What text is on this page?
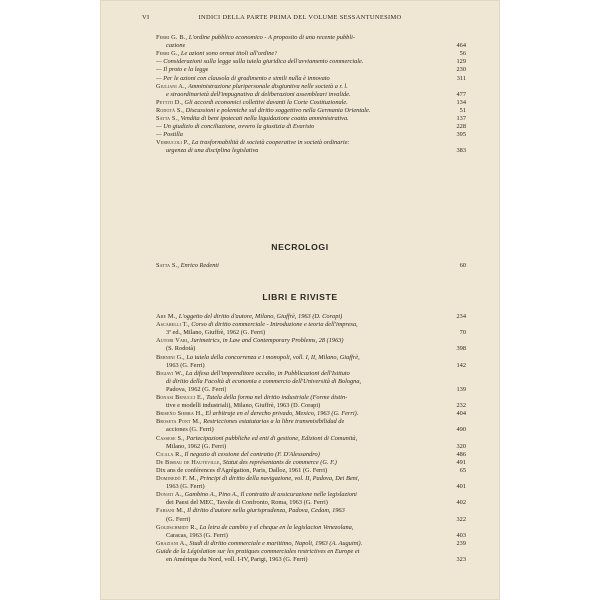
VI	INDICI DELLA PARTE PRIMA DEL VOLUME SESSANTUNESIMO
Ferri G. B., L'ordine pubblico economico - A proposito di una recente pubbli-
cazione	464
Ferri G., Le azioni sono ormai titoli all'ordine?	56
— Considerazioni sulla legge sulla tutela giuridica dell'avviamento commerciale.	129
— Il proto e la legge	230
— Per le azioni con clausola di gradimento e simili nulla è innovato	311
Giuliani A., Amministrazione pluripersonale disgiuntiva nelle società a r. l.
e straordinarietà dell'impugnativa di deliberazioni assembleari invalide.	477
Pettiti D., Gli accordi economici collettivi davanti la Corte Costituzionale.	134
Rodotà S., Discussioni e polemiche sul diritto soggettivo nella Germania Orientale.	51
Satta S., Vendita di beni ipotecati nella liquidazione coatta amministrativa.	137
— Un giudizio di conciliazione, ovvero la giustizia di Evaristo	228
— Postilla	395
Verrucoli P., La trasformabilità di società cooperative in società ordinarie:
urgenza di una disciplina legislativa	383
Satta S., Enrico Redenti	60
Are M., L'oggetto del diritto d'autore, Milano, Giuffrè, 1963 (D. Corapi)	234
Ascarelli T., Corso di diritto commerciale - Introduzione e teoria dell'impresa,
3ª ed., Milano, Giuffrè, 1962 (G. Ferri)	70
Autori Vari, Jurimetrics, in Law and Contemporary Problems, 28 (1963)
(S. Rodotà)	398
Bernini G., La tutela della concorrenza e i monopoli, voll. I, II, Milano, Giuffrè,
1963 (G. Ferri)	142
Bigiavi W., La difesa dell'imprenditore occulto, in Pubblicazioni dell'Istituto
di diritto della Facoltà di economia e commercio dell'Università di Bologna,
Padova, 1962 (G. Ferri)	139
Bonasi Benucci E., Tutela della forma nel diritto industriale (Forme distin-
tive e modelli industriali), Milano, Giuffrè, 1963 (D. Corapi)	232
Briseño Sierra H., El arbitraje en el derecho privado, Mexico, 1963 (G. Ferri).	404
Broseta Pont M., Restricciones estatutarias a la libre transmisibilidad de
acciones (G. Ferri)	490
Cassese S., Partecipazioni pubbliche ed enti di gestione, Edizioni di Comunità,
Milano, 1962 (G. Ferri)	320
Cicala R., Il negozio di cessione del contratto (F. D'Alessandro)	486
De Bisbau de Hauteville, Statut des représentants de commerce (G. F.)	491
Dix ans de conférences d'Agrégation, Paris, Dalloz, 1961 (G. Ferri)	65
Dominedò F. M., Principi di diritto della navigazione, vol. II, Padova, Dei Beni,
1963 (G. Ferri)	401
Donati A., Gambino A., Pino A., Il contratto di assicurazione nelle legislazioni
dei Paesi del MEC, Tavole di Confronto, Roma, 1963 (G. Ferri)	402
Fabiani M., Il diritto d'autore nella giurisprudenza, Padova, Cedam, 1963
(G. Ferri)	322
Goldschmidt R., La letra de cambio y el cheque en la legislacion Venezolana,
Caracas, 1963 (G. Ferri)	403
Graziani A., Studi di diritto commerciale e marittimo, Napoli, 1963 (A. Auguini).	239
Guide de la Législation sur les pratiques commerciales restrictives en Europe et
en Amérique du Nord, voll. I-IV, Parigi, 1963 (G. Ferri)	323
NECROLOGI
LIBRI E RIVISTE
